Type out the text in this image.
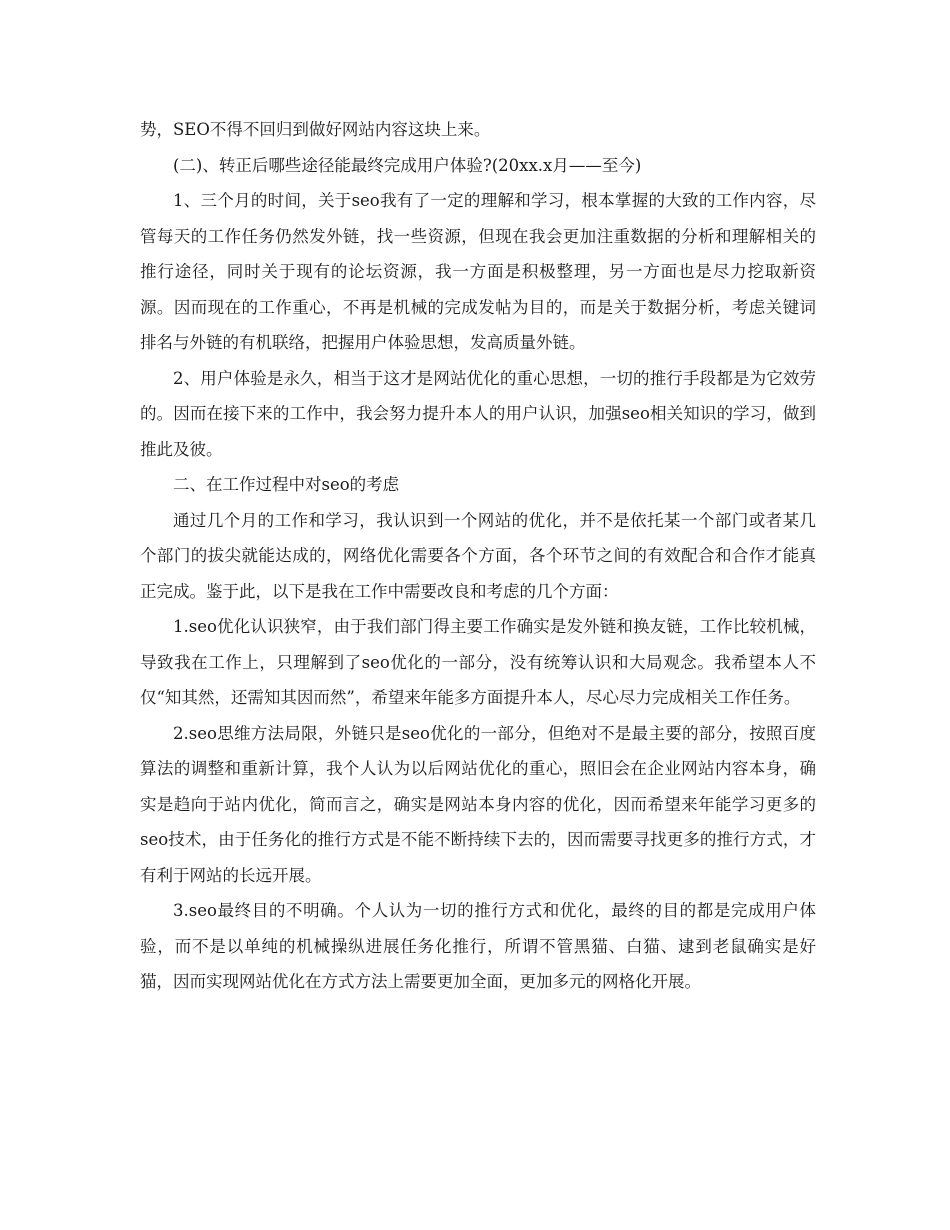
势，SEO不得不回归到做好网站内容这块上来。

(二)、转正后哪些途径能最终完成用户体验?(20xx.x月——至今)

1、三个月的时间，关于seo我有了一定的理解和学习，根本掌握的大致的工作内容，尽管每天的工作任务仍然发外链，找一些资源，但现在我会更加注重数据的分析和理解相关的推行途径，同时关于现有的论坛资源，我一方面是积极整理，另一方面也是尽力挖取新资源。因而现在的工作重心，不再是机械的完成发帖为目的，而是关于数据分析，考虑关键词排名与外链的有机联络，把握用户体验思想，发高质量外链。

2、用户体验是永久，相当于这才是网站优化的重心思想，一切的推行手段都是为它效劳的。因而在接下来的工作中，我会努力提升本人的用户认识，加强seo相关知识的学习，做到推此及彼。

二、在工作过程中对seo的考虑

通过几个月的工作和学习，我认识到一个网站的优化，并不是依托某一个部门或者某几个部门的拔尖就能达成的，网络优化需要各个方面，各个环节之间的有效配合和合作才能真正完成。鉴于此，以下是我在工作中需要改良和考虑的几个方面：

1.seo优化认识狭窄，由于我们部门得主要工作确实是发外链和换友链，工作比较机械，导致我在工作上，只理解到了seo优化的一部分，没有统筹认识和大局观念。我希望本人不仅“知其然，还需知其因而然”，希望来年能多方面提升本人，尽心尽力完成相关工作任务。

2.seo思维方法局限，外链只是seo优化的一部分，但绝对不是最主要的部分，按照百度算法的调整和重新计算，我个人认为以后网站优化的重心，照旧会在企业网站内容本身，确实是趋向于站内优化，简而言之，确实是网站本身内容的优化，因而希望来年能学习更多的seo技术，由于任务化的推行方式是不能不断持续下去的，因而需要寻找更多的推行方式，才有利于网站的长远开展。

3.seo最终目的不明确。个人认为一切的推行方式和优化，最终的目的都是完成用户体验，而不是以单纯的机械操纵进展任务化推行，所谓不管黑猫、白猫、逮到老鼠确实是好猫，因而实现网站优化在方式方法上需要更加全面，更加多元的网格化开展。
